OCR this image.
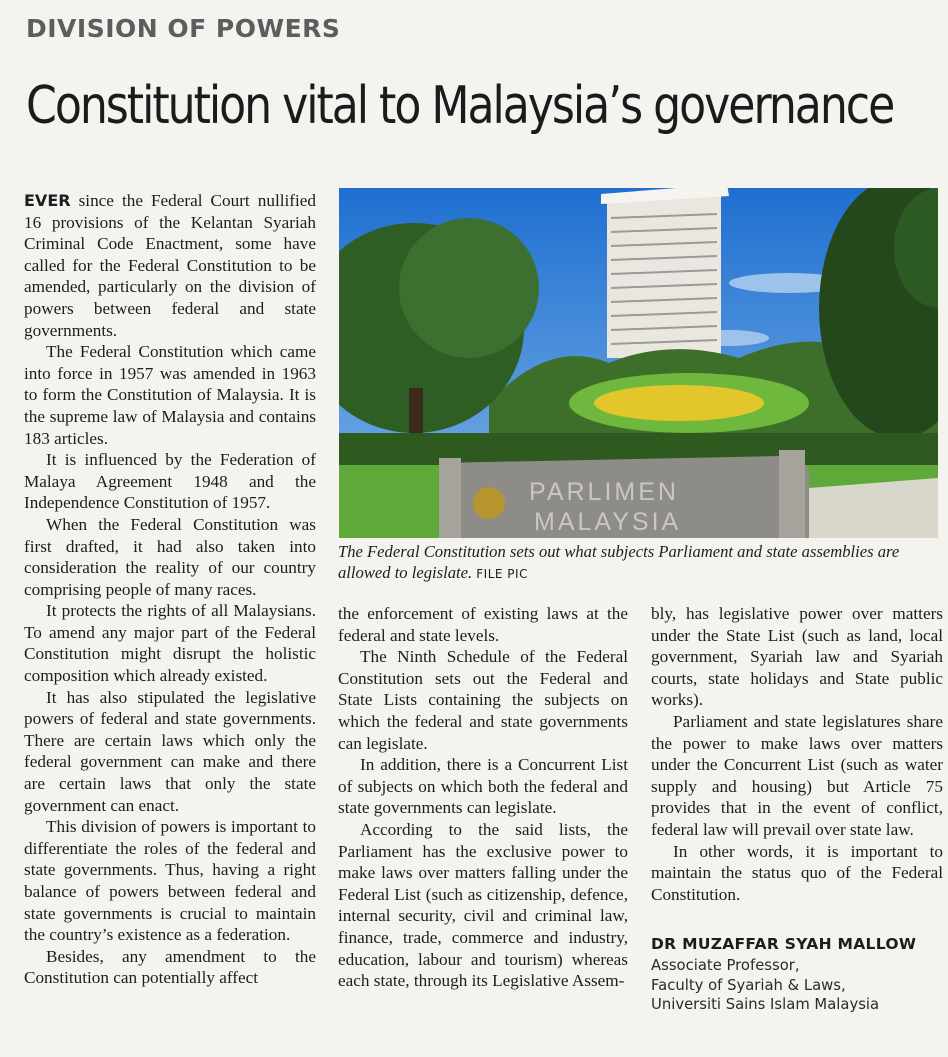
DIVISION OF POWERS
Constitution vital to Malaysia’s governance

EVER since the Federal Court nullified 16 provisions of the Kelantan Syariah Criminal Code Enactment, some have called for the Federal Constitution to be amended, particularly on the division of powers between federal and state governments.

The Federal Constitution which came into force in 1957 was amended in 1963 to form the Constitution of Malaysia. It is the supreme law of Malaysia and contains 183 articles.

It is influenced by the Federation of Malaya Agreement 1948 and the Independence Constitution of 1957.

When the Federal Constitution was first drafted, it had also taken into consideration the reality of our country comprising people of many races.

It protects the rights of all Malaysians. To amend any major part of the Federal Constitution might disrupt the holistic composition which already existed.

It has also stipulated the legislative powers of federal and state governments. There are certain laws which only the federal government can make and there are certain laws that only the state government can enact.

This division of powers is important to differentiate the roles of the federal and state governments. Thus, having a right balance of powers between federal and state governments is crucial to maintain the country’s existence as a federation.

Besides, any amendment to the Constitution can potentially affect

PARLIMEN
MALAYSIA

The Federal Constitution sets out what subjects Parliament and state assemblies are allowed to legislate. FILE PIC

the enforcement of existing laws at the federal and state levels.

The Ninth Schedule of the Federal Constitution sets out the Federal and State Lists containing the subjects on which the federal and state governments can legislate.

In addition, there is a Concurrent List of subjects on which both the federal and state governments can legislate.

According to the said lists, the Parliament has the exclusive power to make laws over matters falling under the Federal List (such as citizenship, defence, internal security, civil and criminal law, finance, trade, commerce and industry, education, labour and tourism) whereas each state, through its Legislative Assem-

bly, has legislative power over matters under the State List (such as land, local government, Syariah law and Syariah courts, state holidays and State public works).

Parliament and state legislatures share the power to make laws over matters under the Concurrent List (such as water supply and housing) but Article 75 provides that in the event of conflict, federal law will prevail over state law.

In other words, it is important to maintain the status quo of the Federal Constitution.

DR MUZAFFAR SYAH MALLOW
Associate Professor,
Faculty of Syariah & Laws,
Universiti Sains Islam Malaysia
